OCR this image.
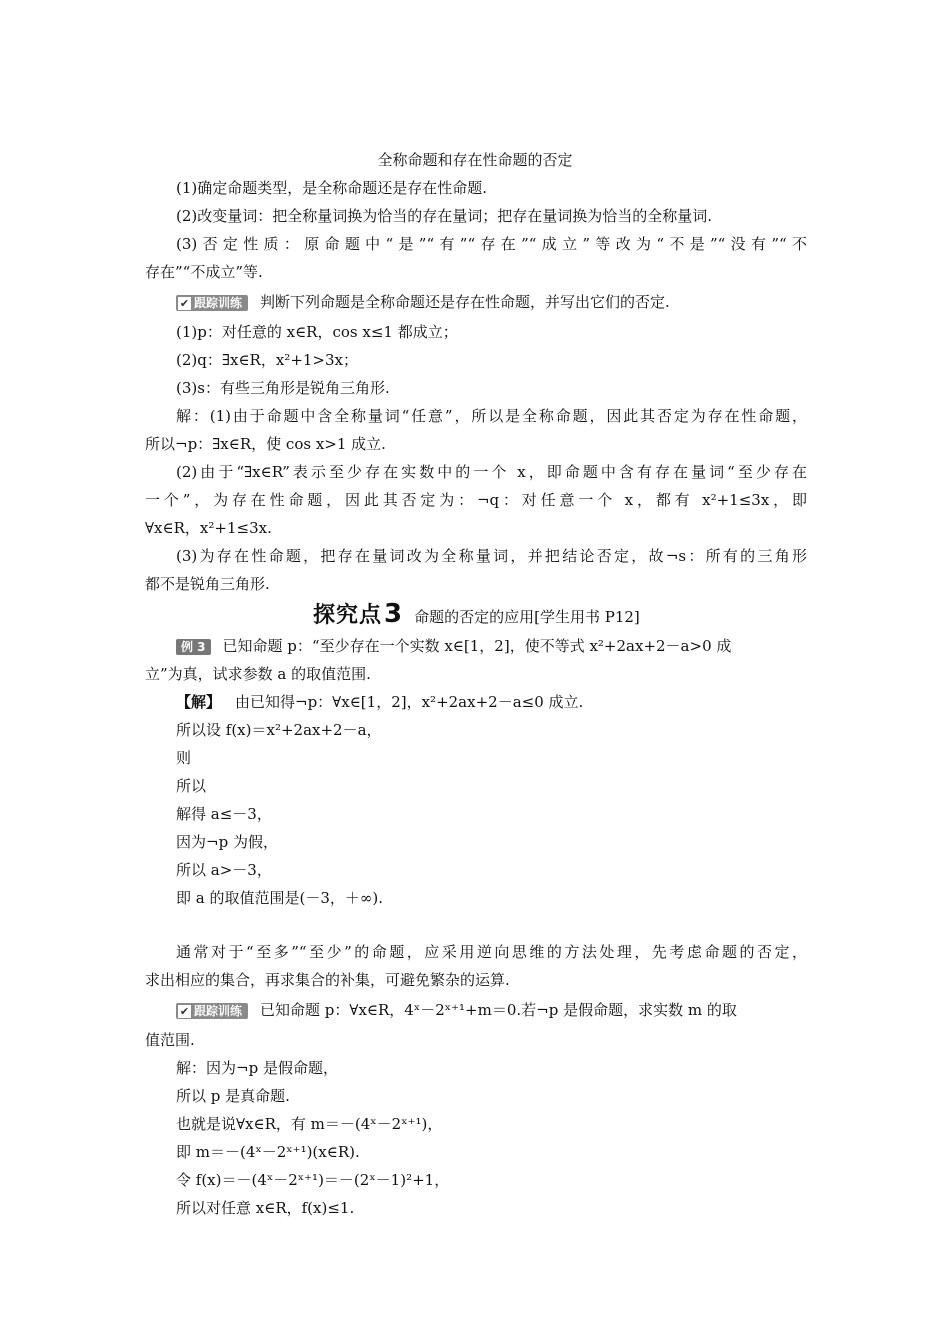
全称命题和存在性命题的否定
(1)确定命题类型，是全称命题还是存在性命题.
(2)改变量词：把全称量词换为恰当的存在量词；把存在量词换为恰当的全称量词.
(3)否定性质：原命题中“是”“有”“存在”“成立”等改为“不是”“没有”“不
存在”“不成立”等.
✔ 跟踪训练 判断下列命题是全称命题还是存在性命题，并写出它们的否定.
(1)p：对任意的 x∈R，cos x≤1 都成立；
(2)q：∃x∈R，x²+1>3x；
(3)s：有些三角形是锐角三角形.
解：(1)由于命题中含全称量词“任意”，所以是全称命题，因此其否定为存在性命题，
所以¬p：∃x∈R，使 cos x>1 成立.
(2)由于“∃x∈R”表示至少存在实数中的一个 x，即命题中含有存在量词“至少存在
一个”，为存在性命题，因此其否定为：¬q：对任意一个 x，都有 x²+1≤3x，即
∀x∈R，x²+1≤3x.
(3)为存在性命题，把存在量词改为全称量词，并把结论否定，故¬s：所有的三角形
都不是锐角三角形.
探究点3 命题的否定的应用[学生用书 P12]
例 3 已知命题 p：“至少存在一个实数 x∈[1，2]，使不等式 x²+2ax+2－a>0 成
立”为真，试求参数 a 的取值范围.
【解】 由已知得¬p：∀x∈[1，2]，x²+2ax+2－a≤0 成立.
所以设 f(x)＝x²+2ax+2－a，
则
所以
解得 a≤－3，
因为¬p 为假，
所以 a>－3，
即 a 的取值范围是(－3，＋∞).
通常对于“至多”“至少”的命题，应采用逆向思维的方法处理，先考虑命题的否定，
求出相应的集合，再求集合的补集，可避免繁杂的运算.
✔ 跟踪训练 已知命题 p：∀x∈R，4ˣ－2ˣ⁺¹+m＝0.若¬p 是假命题，求实数 m 的取
值范围.
解：因为¬p 是假命题，
所以 p 是真命题.
也就是说∀x∈R，有 m＝－(4ˣ－2ˣ⁺¹)，
即 m＝－(4ˣ－2ˣ⁺¹)(x∈R).
令 f(x)＝－(4ˣ－2ˣ⁺¹)＝－(2ˣ－1)²+1，
所以对任意 x∈R，f(x)≤1.
